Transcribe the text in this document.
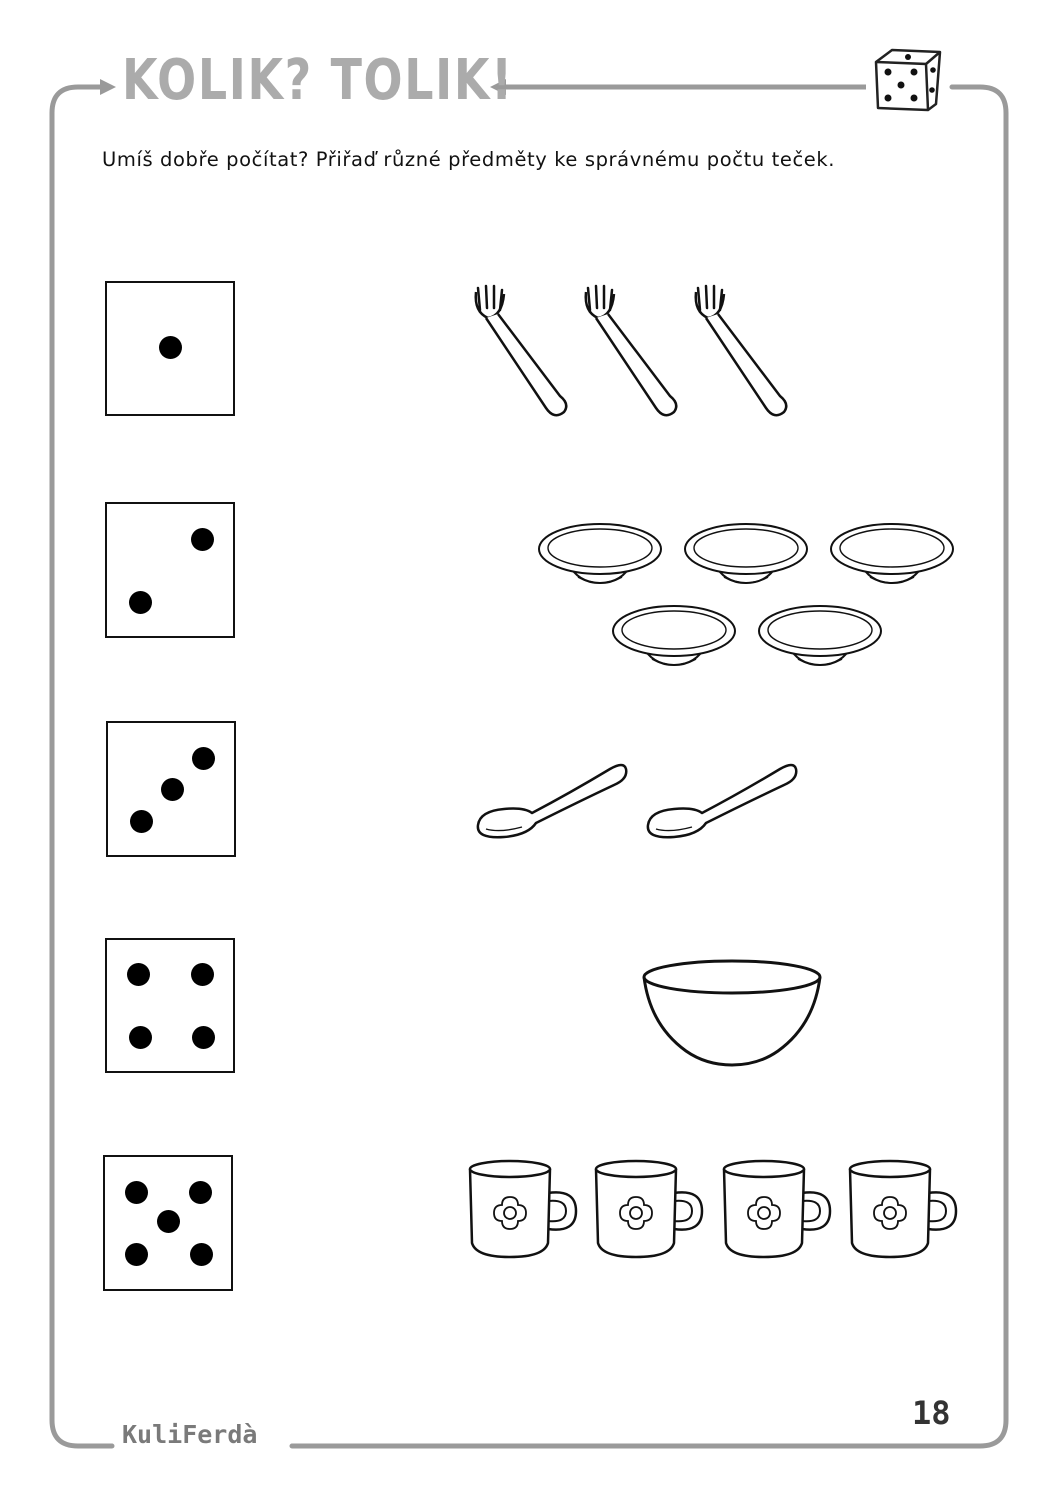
KOLIK? TOLIK!
Umíš dobře počítat? Přiřaď různé předměty ke správnému počtu teček.
18
KuliFerdà
